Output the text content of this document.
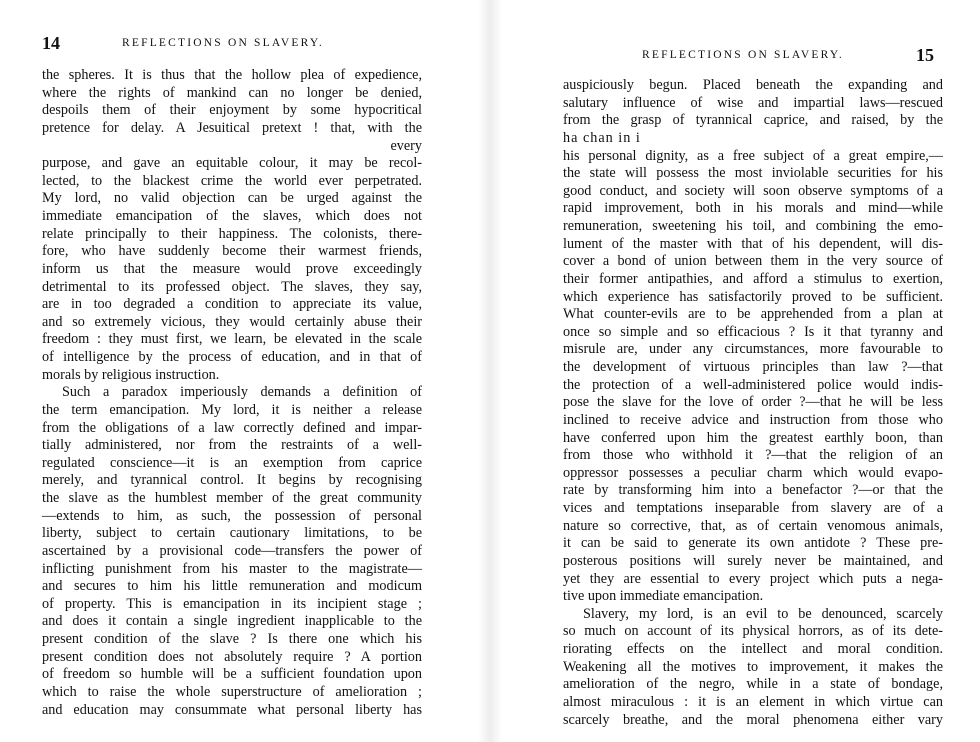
14	REFLECTIONS ON SLAVERY.
the spheres. It is thus that the hollow plea of expedience,
where the rights of mankind can no longer be denied,
despoils them of their enjoyment by some hypocritical
pretence for delay. A Jesuitical pretext ! that, with the
every
purpose, and gave an equitable colour, it may be recol-
lected, to the blackest crime the world ever perpetrated.
My lord, no valid objection can be urged against the
immediate emancipation of the slaves, which does not
relate principally to their happiness. The colonists, there-
fore, who have suddenly become their warmest friends,
inform us that the measure would prove exceedingly
detrimental to its professed object. The slaves, they say,
are in too degraded a condition to appreciate its value,
and so extremely vicious, they would certainly abuse their
freedom : they must first, we learn, be elevated in the scale
of intelligence by the process of education, and in that of
morals by religious instruction.
Such a paradox imperiously demands a definition of
the term emancipation. My lord, it is neither a release
from the obligations of a law correctly defined and impar-
tially administered, nor from the restraints of a well-
regulated conscience—it is an exemption from caprice
merely, and tyrannical control. It begins by recognising
the slave as the humblest member of the great community
—extends to him, as such, the possession of personal
liberty, subject to certain cautionary limitations, to be
ascertained by a provisional code—transfers the power of
inflicting punishment from his master to the magistrate—
and secures to him his little remuneration and modicum
of property. This is emancipation in its incipient stage ;
and does it contain a single ingredient inapplicable to the
present condition of the slave ? Is there one which his
present condition does not absolutely require ? A portion
of freedom so humble will be a sufficient foundation upon
which to raise the whole superstructure of amelioration ;
and education may consummate what personal liberty has
REFLECTIONS ON SLAVERY.	15
auspiciously begun. Placed beneath the expanding and
salutary influence of wise and impartial laws—rescued
from the grasp of tyrannical caprice, and raised, by the
ha chan in i
his personal dignity, as a free subject of a great empire,—
the state will possess the most inviolable securities for his
good conduct, and society will soon observe symptoms of a
rapid improvement, both in his morals and mind—while
remuneration, sweetening his toil, and combining the emo-
lument of the master with that of his dependent, will dis-
cover a bond of union between them in the very source of
their former antipathies, and afford a stimulus to exertion,
which experience has satisfactorily proved to be sufficient.
What counter-evils are to be apprehended from a plan at
once so simple and so efficacious ? Is it that tyranny and
misrule are, under any circumstances, more favourable to
the development of virtuous principles than law ?—that
the protection of a well-administered police would indis-
pose the slave for the love of order ?—that he will be less
inclined to receive advice and instruction from those who
have conferred upon him the greatest earthly boon, than
from those who withhold it ?—that the religion of an
oppressor possesses a peculiar charm which would evapo-
rate by transforming him into a benefactor ?—or that the
vices and temptations inseparable from slavery are of a
nature so corrective, that, as of certain venomous animals,
it can be said to generate its own antidote ? These pre-
posterous positions will surely never be maintained, and
yet they are essential to every project which puts a nega-
tive upon immediate emancipation.
Slavery, my lord, is an evil to be denounced, scarcely
so much on account of its physical horrors, as of its dete-
riorating effects on the intellect and moral condition.
Weakening all the motives to improvement, it makes the
amelioration of the negro, while in a state of bondage,
almost miraculous : it is an element in which virtue can
scarcely breathe, and the moral phenomena either vary
